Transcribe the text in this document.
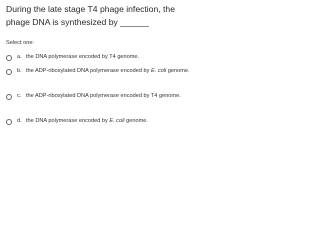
During the late stage T4 phage infection, the
phage DNA is synthesized by ______
Select one:
a. the DNA polymerase encoded by T4 genome.
b. the ADP-ribosylated DNA polymerase encoded by E. coli genome.
c. the ADP-ribosylated DNA polymerase encoded by T4 genome.
d. the DNA polymerase encoded by E. coli genome.
